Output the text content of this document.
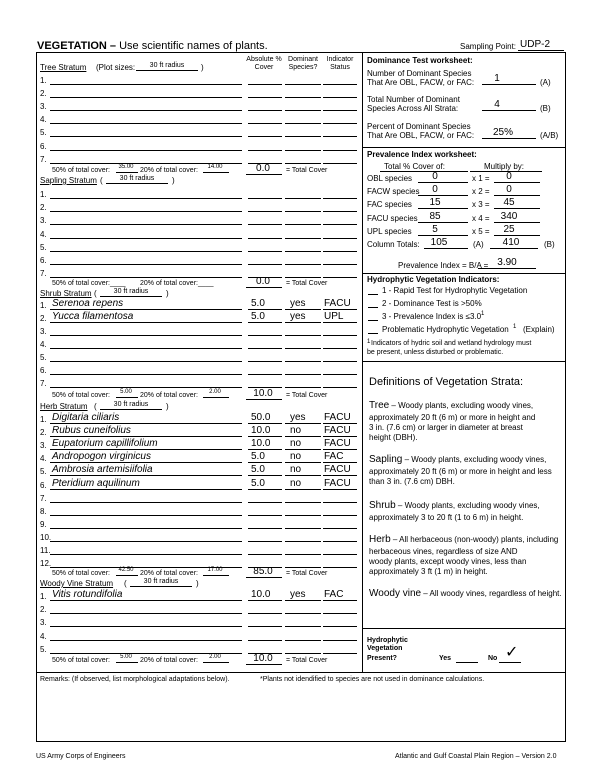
VEGETATION – Use scientific names of plants.	Sampling Point: UDP-2
Absolute % Cover
Dominant Species?
Indicator Status
Tree Stratum (Plot sizes:	30 ft radius	)
1.
2.
3.
4.
5.
6.
7.
50% of total cover:	35.00 20% of total cover:	14.00	0.0	= Total Cover
Sapling Stratum (	30 ft radius	)
1.
2.
3.
4.
5.
6.
7.
50% of total cover:____ 20% of total cover:____	0.0	= Total Cover
Shrub Stratum (	30 ft radius	)
1. Serenoa repens	5.0	yes FACU
2. Yucca filamentosa	5.0	yes UPL
3.
4.
5.
6.
7.
50% of total cover:	5.00	20% of total cover:	2.00	10.0	= Total Cover
Herb Stratum (	30 ft radius	)
1. Digitaria ciliaris	50.0 yes FACU
2. Rubus cuneifolius	10.0 no FACU
3. Eupatorium capillifolium	10.0 no FACU
4. Andropogon virginicus	5.0	no FAC
5. Ambrosia artemisiifolia	5.0	no FACU
6. Pteridium aquilinum	5.0	no FACU
7.
8.
9.
10.
11.
12.
50% of total cover:	42.50 20% of total cover:	17.00	85.0	= Total Cover
Woody Vine Stratum (	30 ft radius	)
1. Vitis rotundifolia	10.0 yes FAC
2.
3.
4.
5.
50% of total cover:	5.00	20% of total cover:	2.00	10.0	= Total Cover
Dominance Test worksheet:
Number of Dominant Species
That Are OBL, FACW, or FAC:	1	(A)
Total Number of Dominant
Species Across All Strata:	4	(B)
Percent of Dominant Species
That Are OBL, FACW, or FAC:	25%	(A/B)
Prevalence Index worksheet:
Total % Cover of:	Multiply by:
OBL species	0	x 1 =	0
FACW species	0	x 2 =	0
FAC species	15	x 3 =	45
FACU species	85	x 4 =	340
UPL species	5	x 5 =	25
Column Totals:	105	(A)	410	(B)
Prevalence Index = B/A = 3.90
Hydrophytic Vegetation Indicators:
1 - Rapid Test for Hydrophytic Vegetation
2 - Dominance Test is >50%
3 - Prevalence Index is ≤3.0 1
Problematic Hydrophytic Vegetation 1 (Explain)
1 Indicators of hydric soil and wetland hydrology must
be present, unless disturbed or problematic.
Definitions of Vegetation Strata:
Tree – Woody plants, excluding woody vines,
approximately 20 ft (6 m) or more in height and
3 in. (7.6 cm) or larger in diameter at breast
height (DBH).
Sapling – Woody plants, excluding woody vines,
approximately 20 ft (6 m) or more in height and less
than 3 in. (7.6 cm) DBH.
Shrub – Woody plants, excluding woody vines,
approximately 3 to 20 ft (1 to 6 m) in height.
Herb – All herbaceous (non-woody) plants, including
herbaceous vines, regardless of size AND
woody plants, except woody vines, less than
approximately 3 ft (1 m) in height.
Woody vine – All woody vines, regardless of height.
Hydrophytic
Vegetation
Present?	Yes	No ✓
Remarks: (If observed, list morphological adaptations below).	*Plants not idendified to species are not used in dominance calculations.
US Army Corps of Engineers	Atlantic and Gulf Coastal Plain Region – Version 2.0
